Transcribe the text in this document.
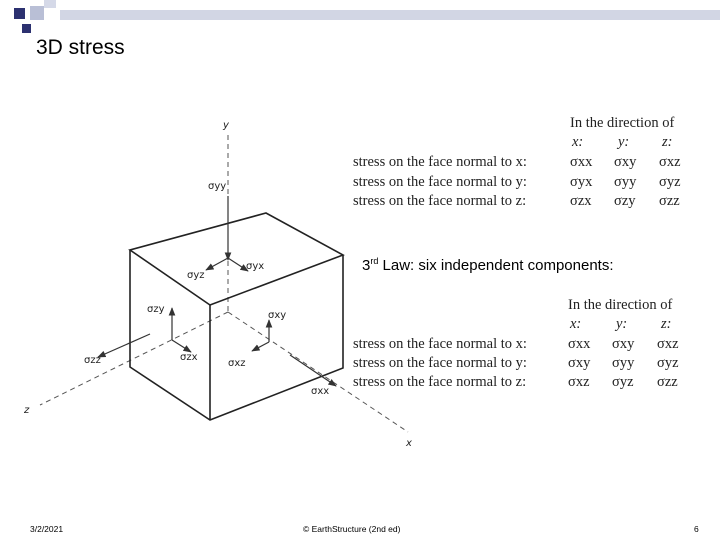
3D stress
y
z
x
σyy
σyz
σyx
σzy
σxy
σzz	σzx
σxz
σxx
In the direction of
x: y: z:
stress on the face normal to x:	σxx σxy σxz
stress on the face normal to y:	σyx σyy σyz
stress on the face normal to z:	σzx σzy σzz
3rd Law: six independent components:
In the direction of
x: y: z:
stress on the face normal to x:	σxx σxy σxz
stress on the face normal to y:	σxy σyy σyz
stress on the face normal to z:	σxz σyz σzz
3/2/2021	© EarthStructure (2nd ed)	6
